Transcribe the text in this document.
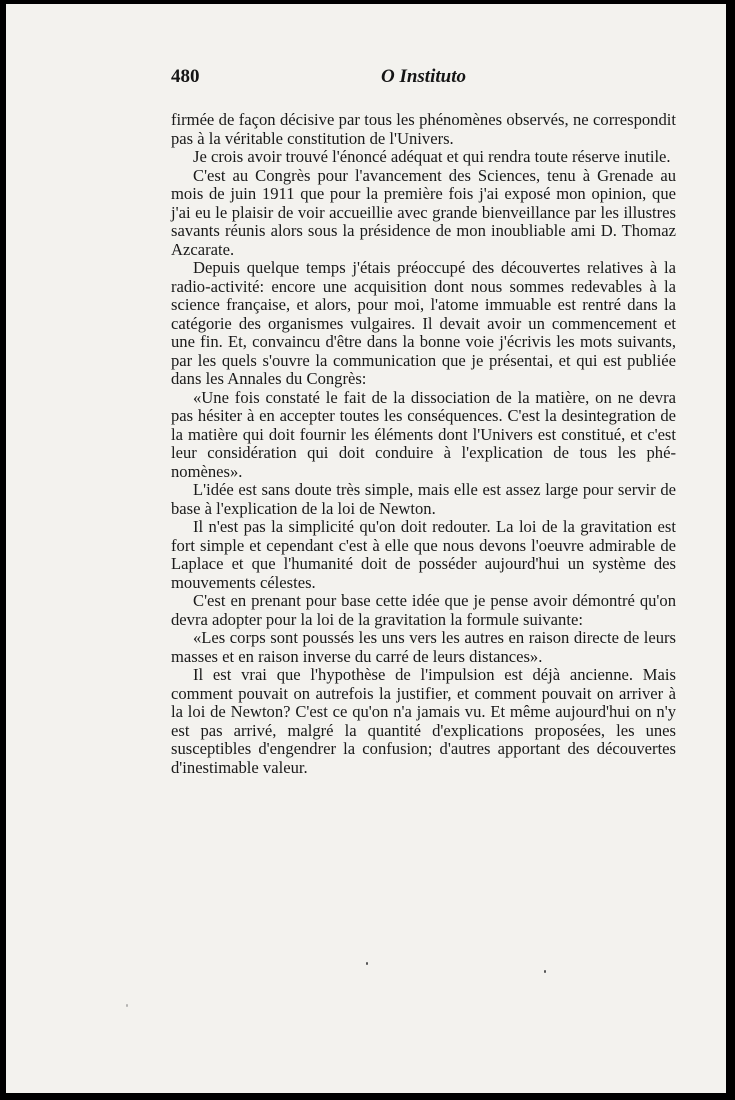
480	O Instituto

firmée de façon décisive par tous les phénomènes observés, ne correspondit pas à la véritable constitution de l'Univers.

Je crois avoir trouvé l'énoncé adéquat et qui rendra toute réserve inutile.

C'est au Congrès pour l'avancement des Sciences, tenu à Grenade au mois de juin 1911 que pour la première fois j'ai exposé mon opinion, que j'ai eu le plaisir de voir accueillie avec grande bienveillance par les illustres savants réunis alors sous la présidence de mon inoubliable ami D. Thomaz Azcarate.

Depuis quelque temps j'étais préoccupé des découvertes relatives à la radio-activité: encore une acquisition dont nous sommes redevables à la science française, et alors, pour moi, l'atome immuable est rentré dans la catégorie des organismes vulgaires. Il devait avoir un commencement et une fin. Et, convaincu d'être dans la bonne voie j'écrivis les mots suivants, par les quels s'ouvre la communication que je présentai, et qui est publiée dans les Annales du Congrès:

«Une fois constaté le fait de la dissociation de la matière, on ne devra pas hésiter à en accepter toutes les conséquences. C'est la desintegration de la matière qui doit fournir les éléments dont l'Univers est constitué, et c'est leur considération qui doit conduire à l'explication de tous les phénomènes».

L'idée est sans doute très simple, mais elle est assez large pour servir de base à l'explication de la loi de Newton.

Il n'est pas la simplicité qu'on doit redouter. La loi de la gravitation est fort simple et cependant c'est à elle que nous devons l'oeuvre admirable de Laplace et que l'humanité doit de posséder aujourd'hui un système des mouvements célestes.

C'est en prenant pour base cette idée que je pense avoir démontré qu'on devra adopter pour la loi de la gravitation la formule suivante:

«Les corps sont poussés les uns vers les autres en raison directe de leurs masses et en raison inverse du carré de leurs distances».

Il est vrai que l'hypothèse de l'impulsion est déjà ancienne. Mais comment pouvait on autrefois la justifier, et comment pouvait on arriver à la loi de Newton? C'est ce qu'on n'a jamais vu. Et même aujourd'hui on n'y est pas arrivé, malgré la quantité d'explications proposées, les unes susceptibles d'engendrer la confusion; d'autres apportant des découvertes d'inestimable valeur.
